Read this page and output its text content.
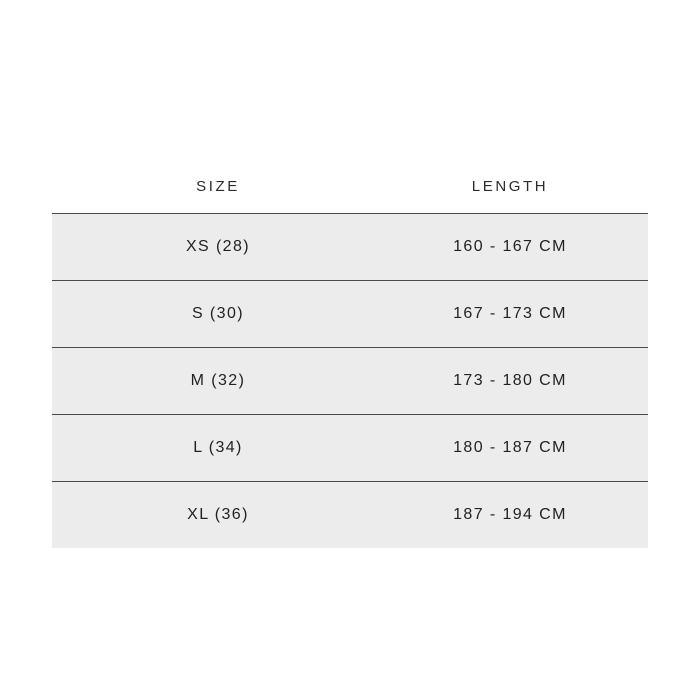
SIZE	LENGTH

XS (28)	160 - 167 CM

S (30)	167 - 173 CM

M (32)	173 - 180 CM

L (34)	180 - 187 CM

XL (36)	187 - 194 CM
